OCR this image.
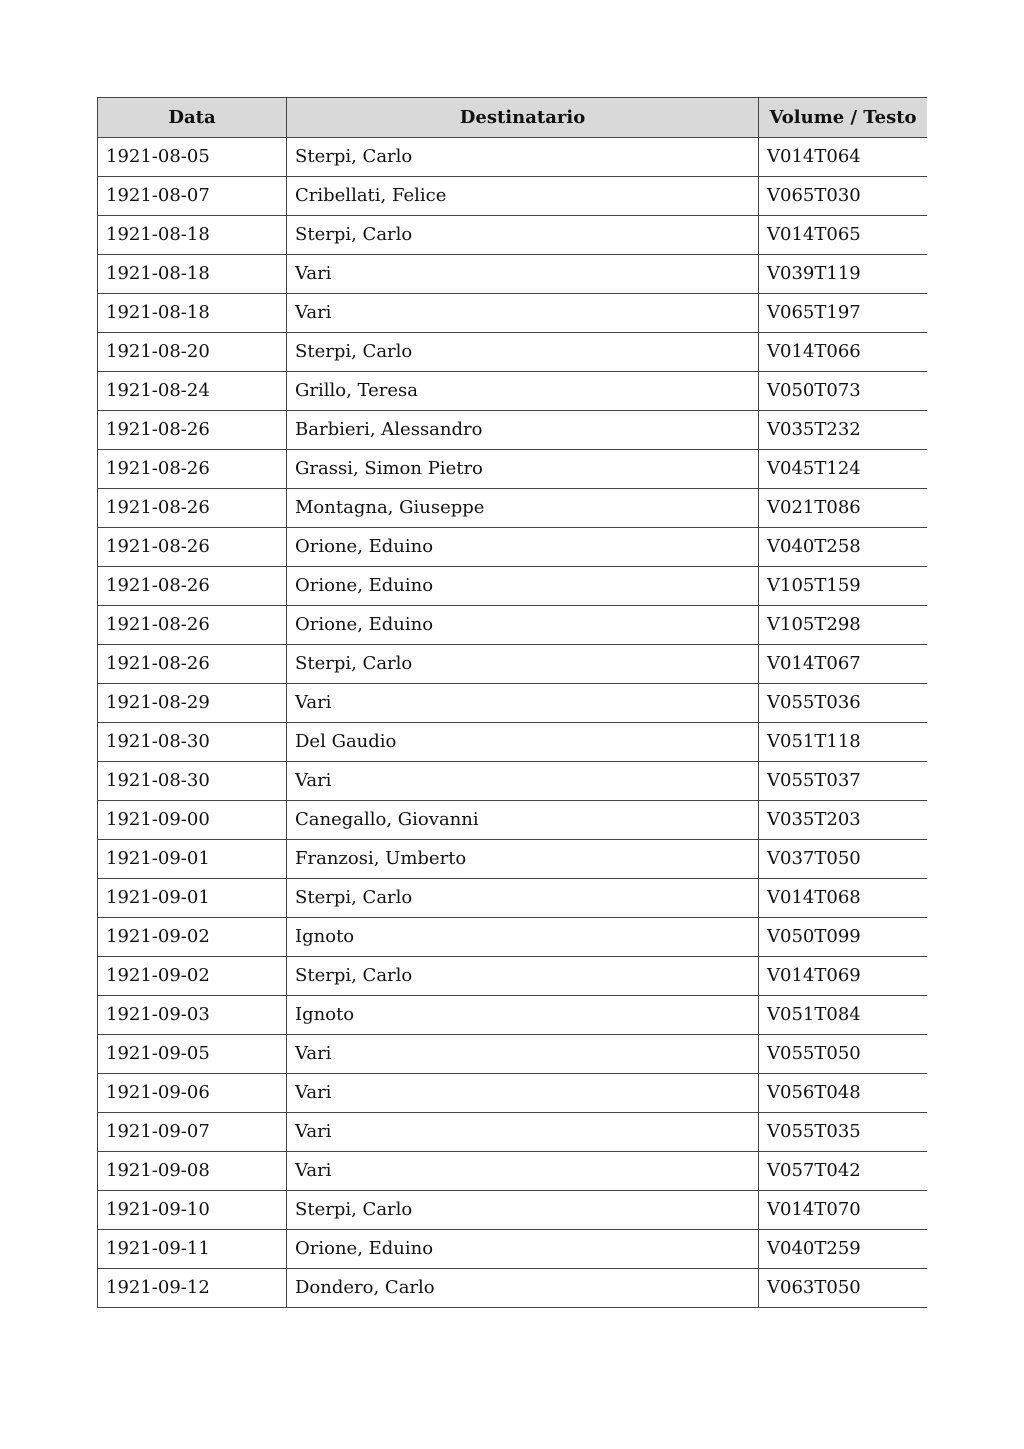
Data	Destinatario	Volume / Testo
1921-08-05	Sterpi, Carlo	V014T064
1921-08-07	Cribellati, Felice	V065T030
1921-08-18	Sterpi, Carlo	V014T065
1921-08-18	Vari	V039T119
1921-08-18	Vari	V065T197
1921-08-20	Sterpi, Carlo	V014T066
1921-08-24	Grillo, Teresa	V050T073
1921-08-26	Barbieri, Alessandro	V035T232
1921-08-26	Grassi, Simon Pietro	V045T124
1921-08-26	Montagna, Giuseppe	V021T086
1921-08-26	Orione, Eduino	V040T258
1921-08-26	Orione, Eduino	V105T159
1921-08-26	Orione, Eduino	V105T298
1921-08-26	Sterpi, Carlo	V014T067
1921-08-29	Vari	V055T036
1921-08-30	Del Gaudio	V051T118
1921-08-30	Vari	V055T037
1921-09-00	Canegallo, Giovanni	V035T203
1921-09-01	Franzosi, Umberto	V037T050
1921-09-01	Sterpi, Carlo	V014T068
1921-09-02	Ignoto	V050T099
1921-09-02	Sterpi, Carlo	V014T069
1921-09-03	Ignoto	V051T084
1921-09-05	Vari	V055T050
1921-09-06	Vari	V056T048
1921-09-07	Vari	V055T035
1921-09-08	Vari	V057T042
1921-09-10	Sterpi, Carlo	V014T070
1921-09-11	Orione, Eduino	V040T259
1921-09-12	Dondero, Carlo	V063T050
